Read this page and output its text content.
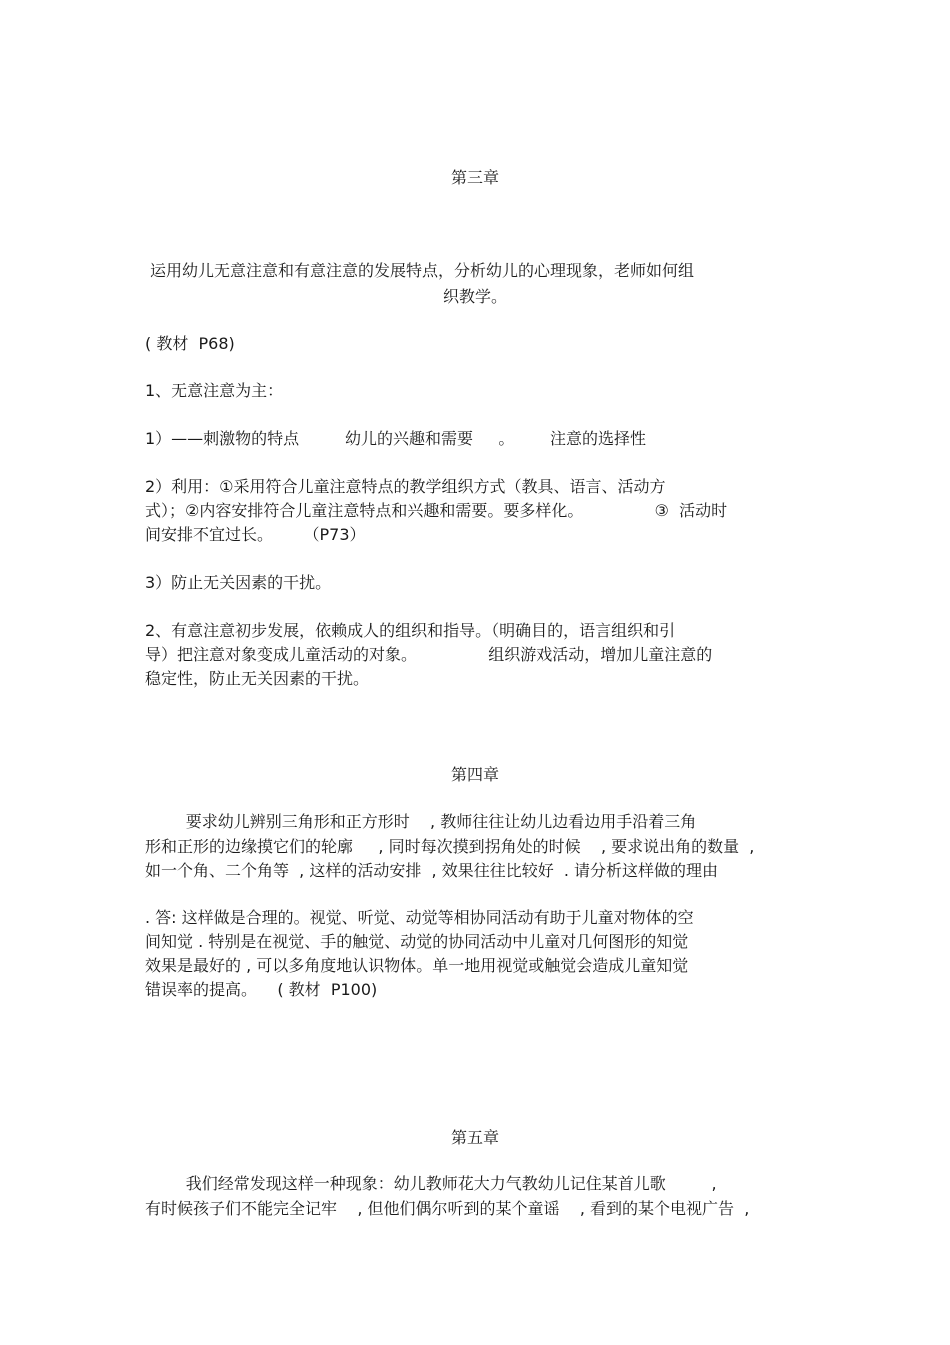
第三章

运用幼儿无意注意和有意注意的发展特点，分析幼儿的心理现象，老师如何组

织教学。

( 教材  P68)

1、无意注意为主：

1）——刺激物的特点         幼儿的兴趣和需要     。       注意的选择性

2）利用：①采用符合儿童注意特点的教学组织方式（教具、语言、活动方

式）；②内容安排符合儿童注意特点和兴趣和需要。要多样化。              ③  活动时

间安排不宜过长。      （P73）

3）防止无关因素的干扰。

2、有意注意初步发展，依赖成人的组织和指导。（明确目的，语言组织和引

导）把注意对象变成儿童活动的对象。              组织游戏活动，增加儿童注意的

稳定性，防止无关因素的干扰。

第四章

要求幼儿辨别三角形和正方形时    , 教师往往让幼儿边看边用手沿着三角

形和正形的边缘摸它们的轮廓     , 同时每次摸到拐角处的时候    , 要求说出角的数量  ,

如一个角、二个角等  , 这样的活动安排  , 效果往往比较好  . 请分析这样做的理由

. 答: 这样做是合理的。视觉、听觉、动觉等相协同活动有助于儿童对物体的空

间知觉 . 特别是在视觉、手的触觉、动觉的协同活动中儿童对几何图形的知觉

效果是最好的 , 可以多角度地认识物体。单一地用视觉或触觉会造成儿童知觉

错误率的提高。    ( 教材  P100)

第五章

我们经常发现这样一种现象：幼儿教师花大力气教幼儿记住某首儿歌         ,

有时候孩子们不能完全记牢    , 但他们偶尔听到的某个童谣    , 看到的某个电视广告  ,
